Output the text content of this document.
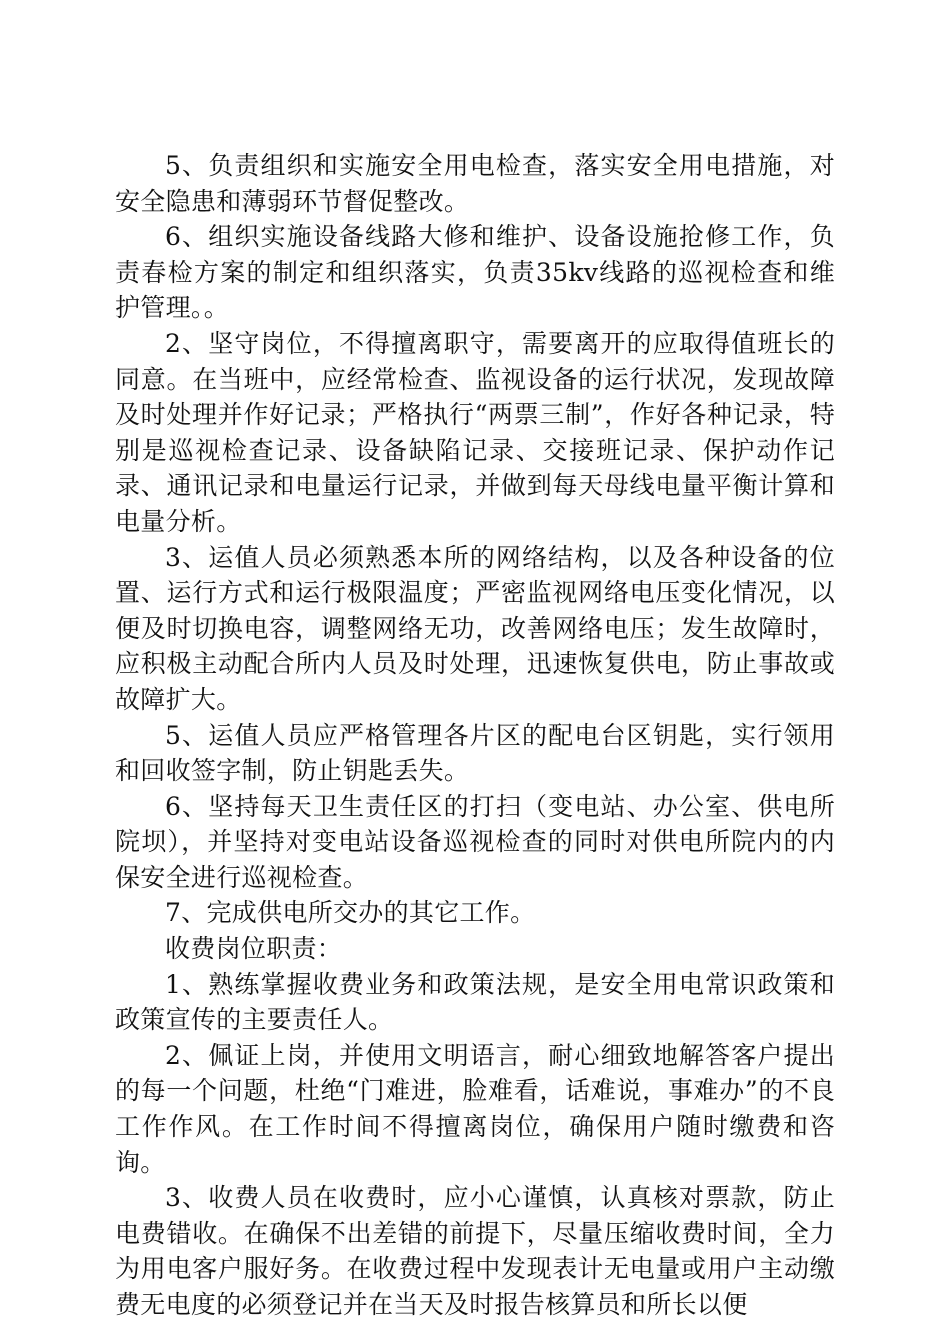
5、负责组织和实施安全用电检查，落实安全用电措施，对安全隐患和薄弱环节督促整改。

6、组织实施设备线路大修和维护、设备设施抢修工作，负责春检方案的制定和组织落实，负责35kv线路的巡视检查和维护管理。。

2、坚守岗位，不得擅离职守，需要离开的应取得值班长的同意。在当班中，应经常检查、监视设备的运行状况，发现故障及时处理并作好记录；严格执行“两票三制”，作好各种记录，特别是巡视检查记录、设备缺陷记录、交接班记录、保护动作记录、通讯记录和电量运行记录，并做到每天母线电量平衡计算和电量分析。

3、运值人员必须熟悉本所的网络结构，以及各种设备的位置、运行方式和运行极限温度；严密监视网络电压变化情况，以便及时切换电容，调整网络无功，改善网络电压；发生故障时，应积极主动配合所内人员及时处理，迅速恢复供电，防止事故或故障扩大。

5、运值人员应严格管理各片区的配电台区钥匙，实行领用和回收签字制，防止钥匙丢失。

6、坚持每天卫生责任区的打扫（变电站、办公室、供电所院坝），并坚持对变电站设备巡视检查的同时对供电所院内的内保安全进行巡视检查。

7、完成供电所交办的其它工作。

收费岗位职责：

1、熟练掌握收费业务和政策法规，是安全用电常识政策和政策宣传的主要责任人。

2、佩证上岗，并使用文明语言，耐心细致地解答客户提出的每一个问题，杜绝“门难进，脸难看，话难说，事难办”的不良工作作风。在工作时间不得擅离岗位，确保用户随时缴费和咨询。

3、收费人员在收费时，应小心谨慎，认真核对票款，防止电费错收。在确保不出差错的前提下，尽量压缩收费时间，全力为用电客户服好务。在收费过程中发现表计无电量或用户主动缴费无电度的必须登记并在当天及时报告核算员和所长以便
